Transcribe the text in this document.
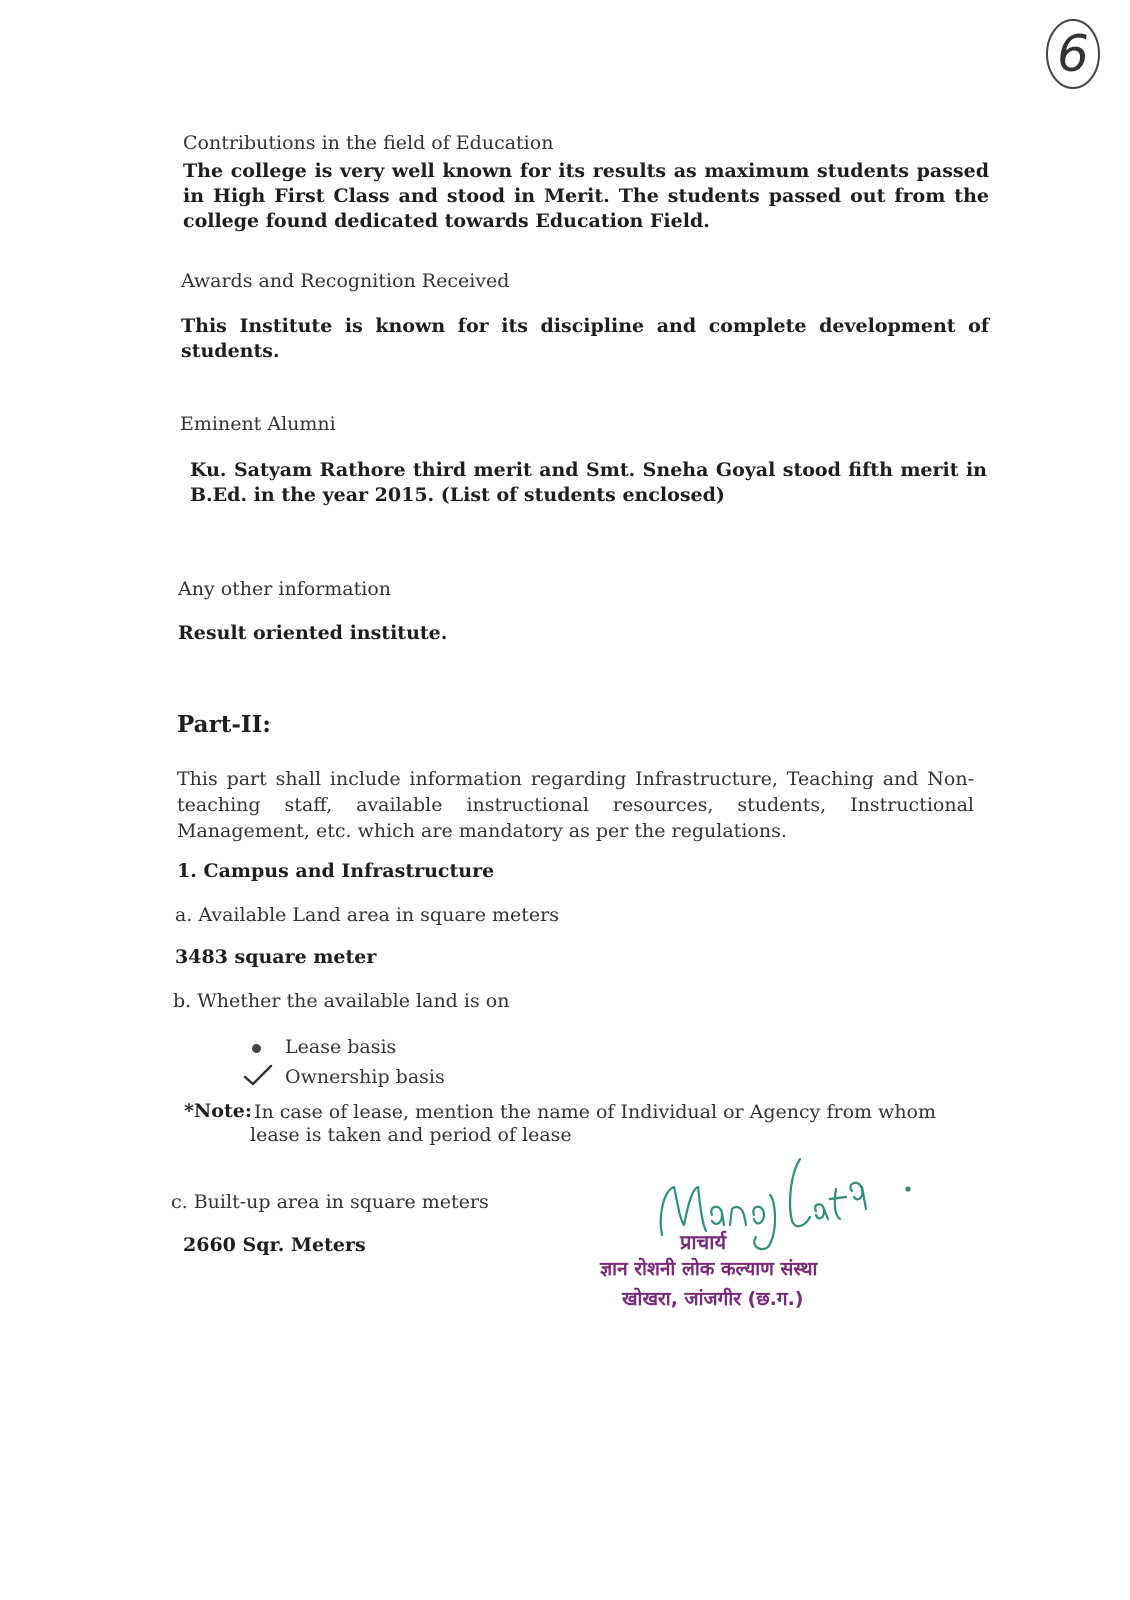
6
Contributions in the field of Education
The college is very well known for its results as maximum students passed in High First Class and stood in Merit. The students passed out from the college found dedicated towards Education Field.
Awards and Recognition Received
This Institute is known for its discipline and complete development of students.
Eminent Alumni
Ku. Satyam Rathore third merit and Smt. Sneha Goyal stood fifth merit in B.Ed. in the year 2015. (List of students enclosed)
Any other information
Result oriented institute.
Part-II:
This part shall include information regarding Infrastructure, Teaching and Non-teaching staff, available instructional resources, students, Instructional Management, etc. which are mandatory as per the regulations.
1. Campus and Infrastructure
a. Available Land area in square meters
3483 square meter
b. Whether the available land is on
Lease basis
Ownership basis
*Note: In case of lease, mention the name of Individual or Agency from whom
lease is taken and period of lease
c. Built-up area in square meters
2660 Sqr. Meters	प्राचार्य
ज्ञान रोशनी लोक कल्याण संस्था
खोखरा, जांजगीर (छ.ग.)
